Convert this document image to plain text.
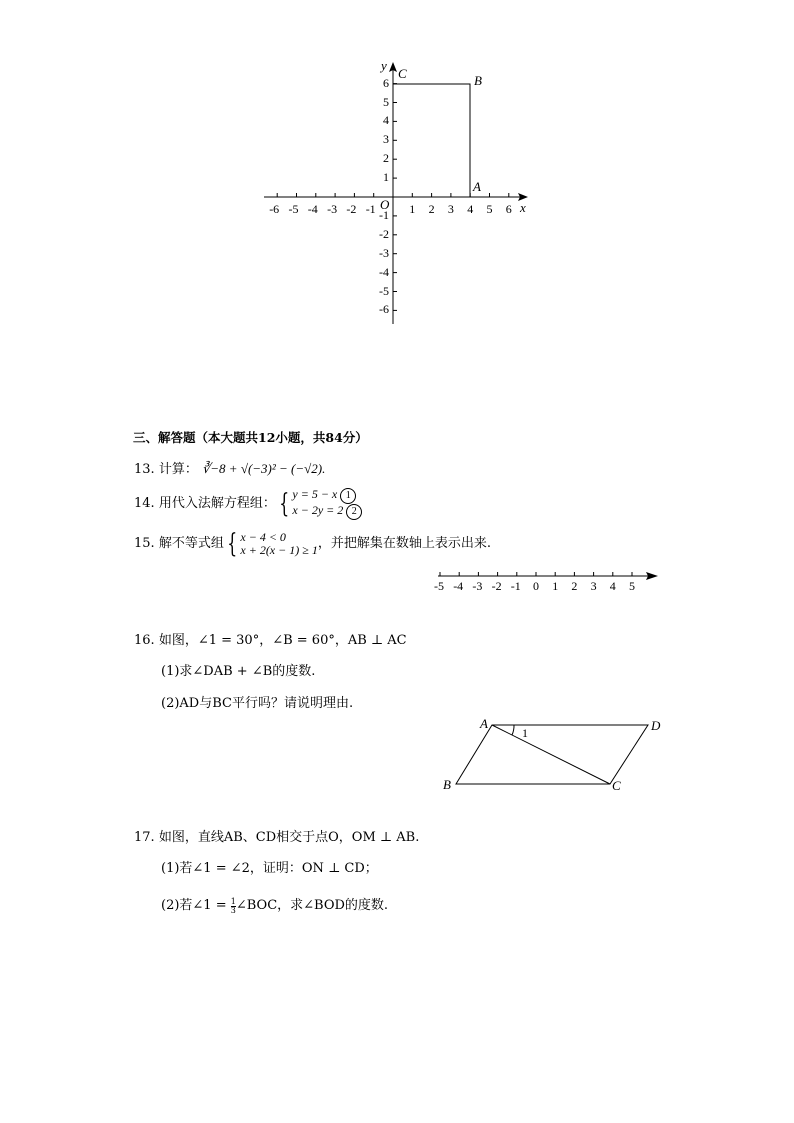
y
x
O
C	B
A
-6 -5 -4 -3 -2 -1	1 2 3 4 5 6
6
5
4
3
2
1
-1
-2
-3
-4
-5
-6
三、解答题（本大题共12小题，共84分）
13. 计算： ∛−8 + √(−3)² − (−√2).
14. 用代入法解方程组： { y = 5 − x 1
x − 2y = 2 2
15. 解不等式组 { x − 4 < 0
x + 2(x − 1) ≥ 1，并把解集在数轴上表示出来.
-5 -4 -3 -2 -1 0 1 2 3 4 5
16. 如图，∠1 = 30°，∠B = 60°，AB ⊥ AC
(1)求∠DAB + ∠B的度数.
(2)AD与BC平行吗？请说明理由.
A	D
B	C
1
17. 如图，直线AB、CD相交于点O，OM ⊥ AB.
(1)若∠1 = ∠2，证明：ON ⊥ CD；
(2)若∠1 = $\frac{1}{3}$ ∠BOC，求∠BOD的度数.
